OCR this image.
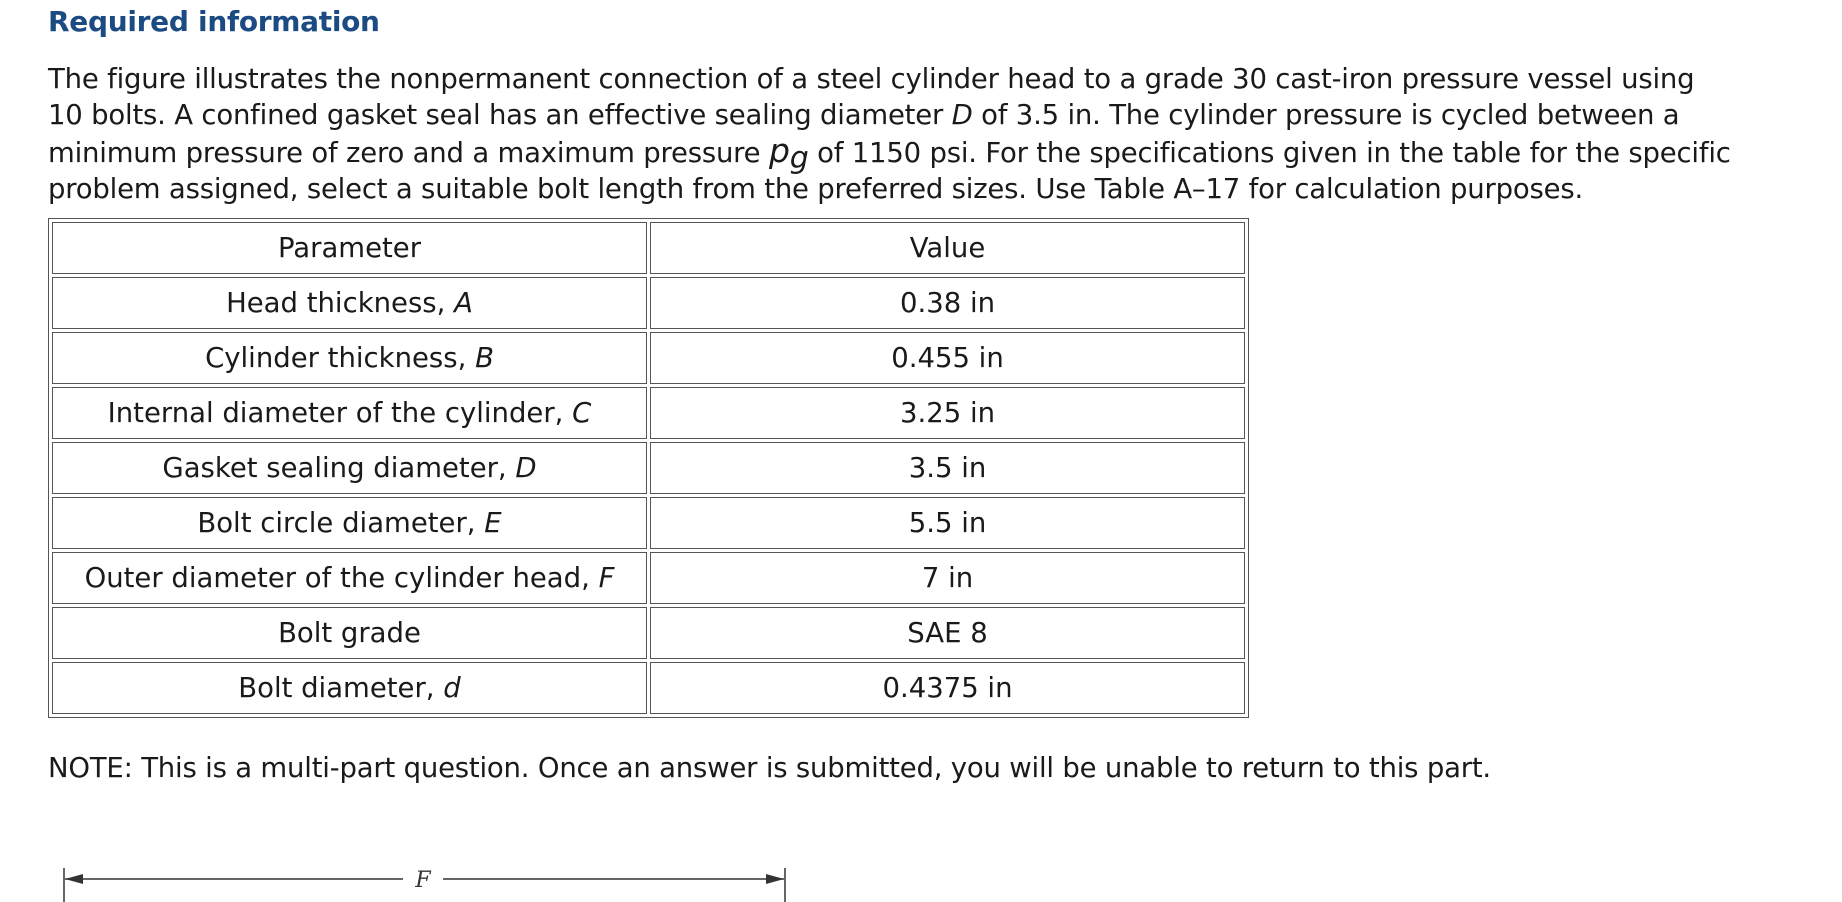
Required information
The figure illustrates the nonpermanent connection of a steel cylinder head to a grade 30 cast-iron pressure vessel using
10 bolts. A confined gasket seal has an effective sealing diameter D of 3.5 in. The cylinder pressure is cycled between a
minimum pressure of zero and a maximum pressure pg of 1150 psi. For the specifications given in the table for the specific
problem assigned, select a suitable bolt length from the preferred sizes. Use Table A–17 for calculation purposes.
Parameter	Value
Head thickness, A	0.38 in
Cylinder thickness, B	0.455 in
Internal diameter of the cylinder, C	3.25 in
Gasket sealing diameter, D	3.5 in
Bolt circle diameter, E	5.5 in
Outer diameter of the cylinder head, F	7 in
Bolt grade	SAE 8
Bolt diameter, d	0.4375 in
NOTE: This is a multi-part question. Once an answer is submitted, you will be unable to return to this part.
F
